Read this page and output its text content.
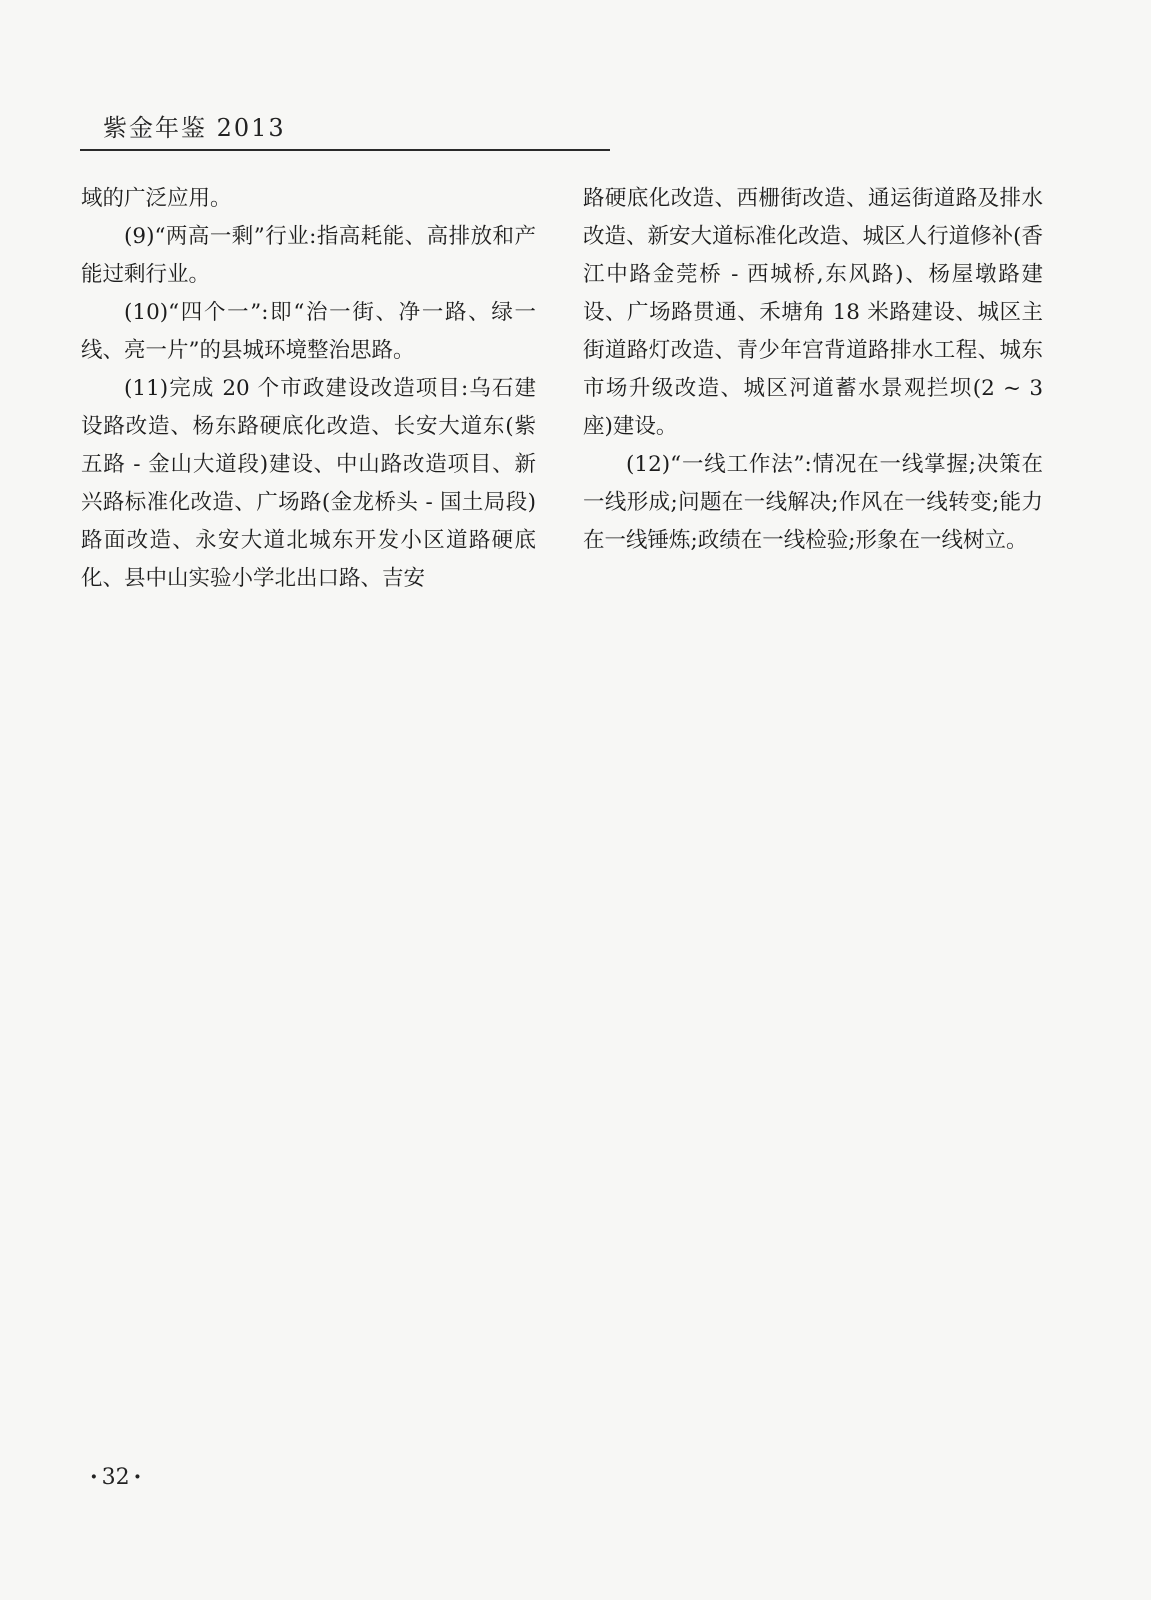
紫金年鉴 2013

域的广泛应用。

(9)“两高一剩”行业:指高耗能、高排放和产能过剩行业。

(10)“四个一”:即“治一街、净一路、绿一线、亮一片”的县城环境整治思路。

(11)完成 20 个市政建设改造项目:乌石建设路改造、杨东路硬底化改造、长安大道东(紫五路 - 金山大道段)建设、中山路改造项目、新兴路标准化改造、广场路(金龙桥头 - 国土局段)路面改造、永安大道北城东开发小区道路硬底化、县中山实验小学北出口路、吉安

路硬底化改造、西栅街改造、通运街道路及排水改造、新安大道标准化改造、城区人行道修补(香江中路金莞桥 - 西城桥,东风路)、杨屋墩路建设、广场路贯通、禾塘角 18 米路建设、城区主街道路灯改造、青少年宫背道路排水工程、城东市场升级改造、城区河道蓄水景观拦坝(2 ~ 3 座)建设。

(12)“一线工作法”:情况在一线掌握;决策在一线形成;问题在一线解决;作风在一线转变;能力在一线锤炼;政绩在一线检验;形象在一线树立。

· 32 ·
